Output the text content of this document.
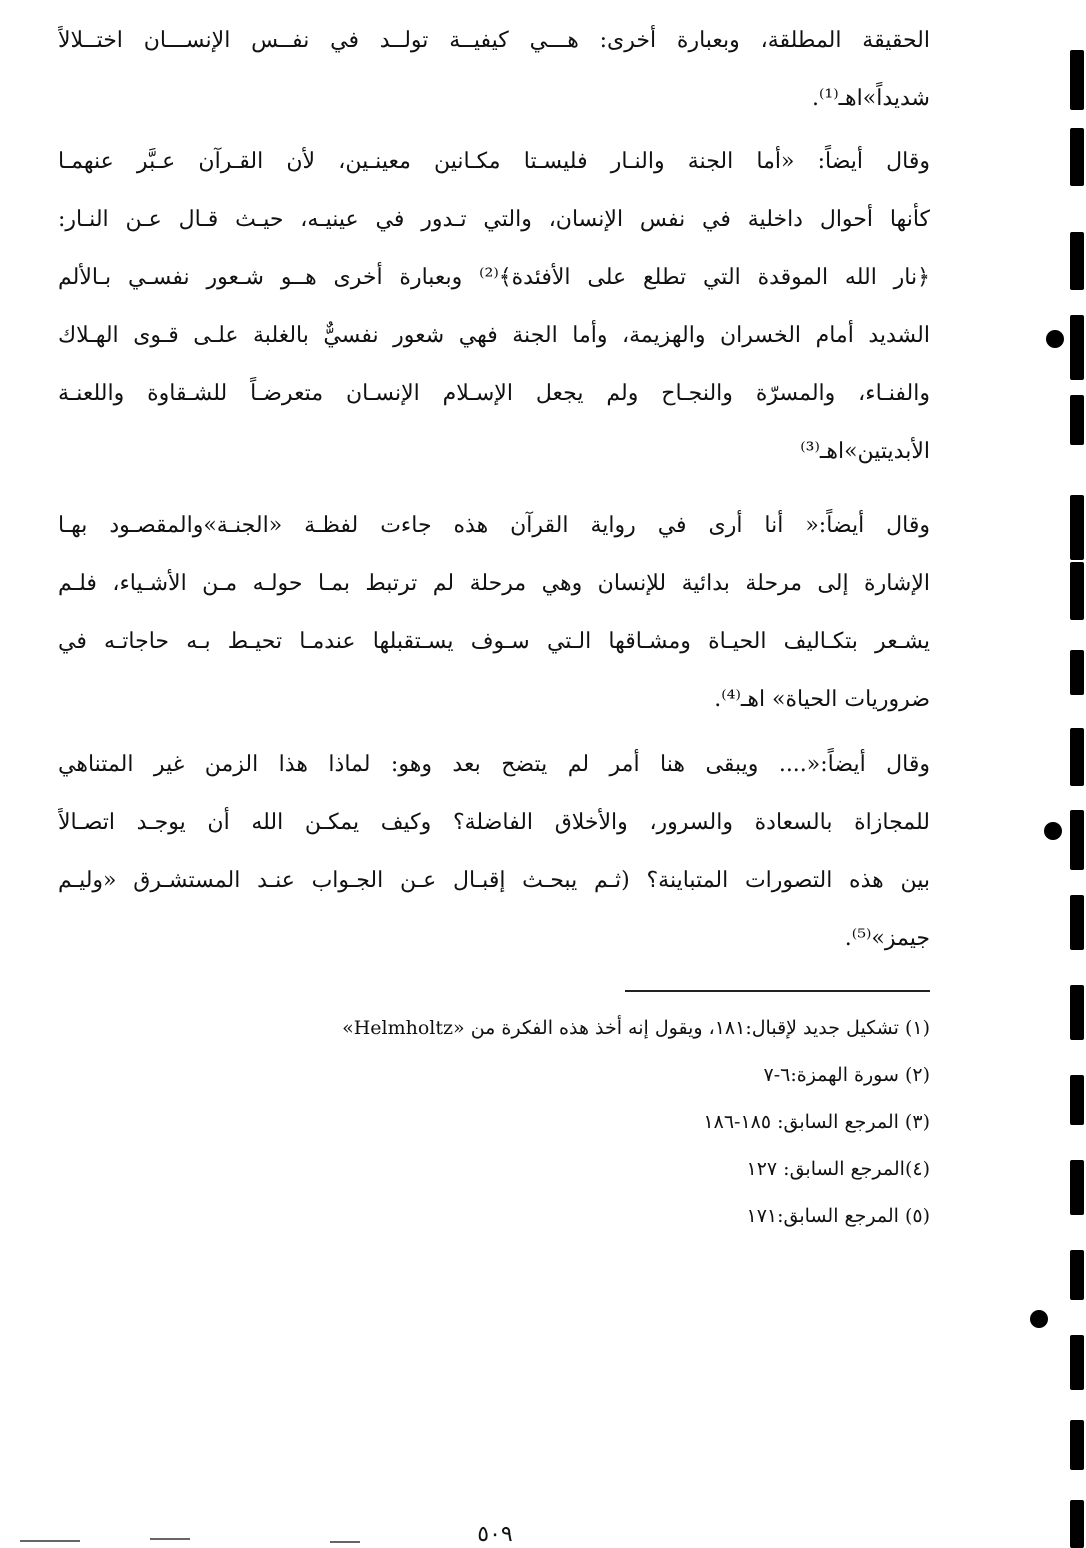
الحقيقة المطلقة، وبعبارة أخرى: هـــي كيفيــة تولــد في نفــس الإنســـان اختــلالاً
شديداً»اهـ⁽¹⁾.
وقال أيضاً: «أما الجنة والنـار فليسـتا مكـانين معينـين، لأن القـرآن عـبَّر عنهمـا
كأنها أحوال داخلية في نفس الإنسان، والتي تـدور في عينيـه، حيـث قـال عـن النـار:
﴿نار الله الموقدة التي تطلع على الأفئدة﴾⁽²⁾ وبعبارة أخرى هــو شـعور نفسـي بـالألم
الشديد أمام الخسران والهزيمة، وأما الجنة فهي شعور نفسيٌّ بالغلبة علـى قـوى الهـلاك
والفنـاء، والمسرّة والنجـاح ولم يجعل الإسـلام الإنسـان متعرضـاً للشـقاوة واللعنـة
الأبديتين»اهـ⁽³⁾
وقال أيضاً:« أنا أرى في رواية القرآن هذه جاءت لفظـة «الجنـة»والمقصـود بهـا
الإشارة إلى مرحلة بدائية للإنسان وهي مرحلة لم ترتبط بمـا حولـه مـن الأشـياء، فلـم
يشـعر بتكـاليف الحيـاة ومشـاقها الـتي سـوف يسـتقبلها عندمـا تحيـط بـه حاجاتـه في
ضروريات الحياة» اهـ⁽⁴⁾.
وقال أيضاً:«.... ويبقى هنا أمر لم يتضح بعد وهو: لماذا هذا الزمن غير المتناهي
للمجازاة بالسعادة والسرور، والأخلاق الفاضلة؟ وكيف يمكـن الله أن يوجـد اتصـالاً
بين هذه التصورات المتباينة؟ (ثـم يبحـث إقبـال عـن الجـواب عنـد المستشـرق «وليـم
جيمز»⁽⁵⁾.
(١) تشكيل جديد لإقبال:١٨١، ويقول إنه أخذ هذه الفكرة من «Helmholtz»
(٢) سورة الهمزة:٦-٧
(٣) المرجع السابق: ١٨٥-١٨٦
(٤)المرجع السابق: ١٢٧
(٥) المرجع السابق:١٧١
٥٠٩
